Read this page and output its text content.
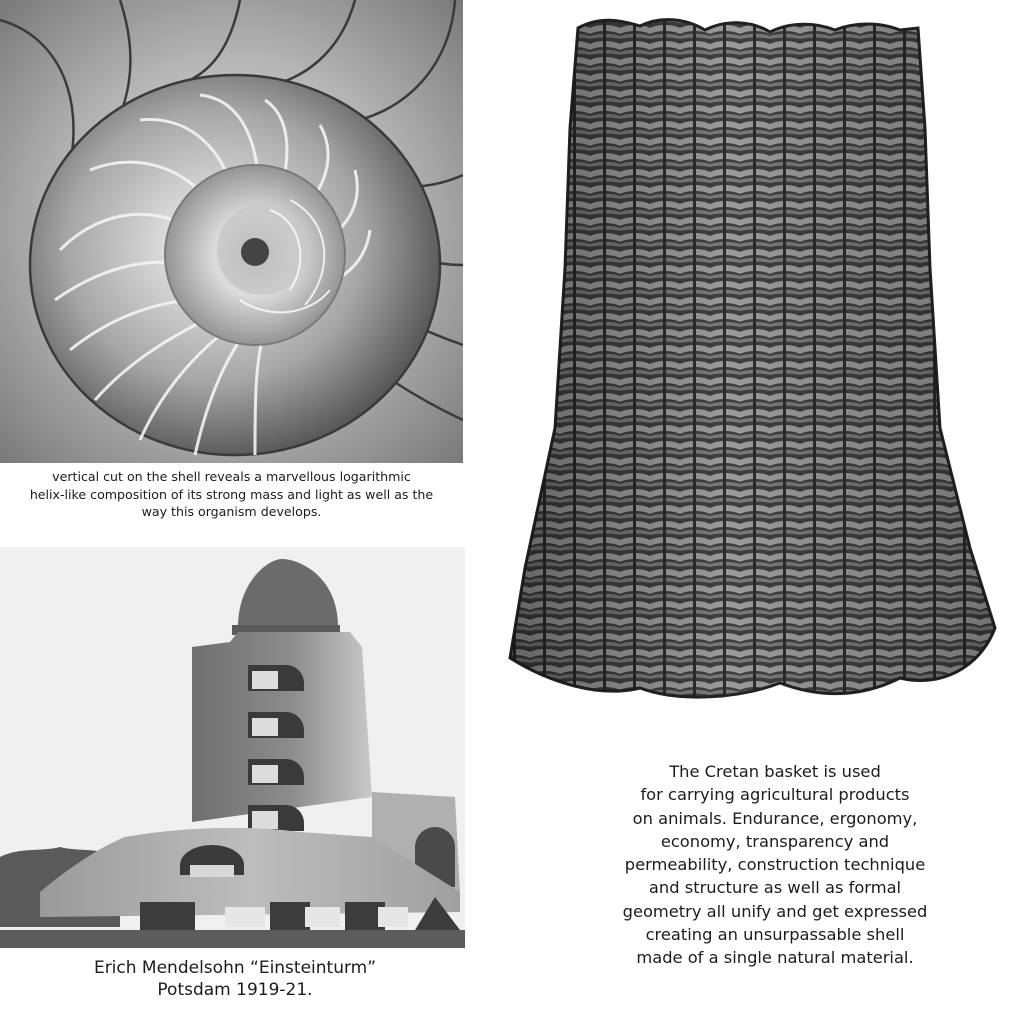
vertical cut on the shell reveals a marvellous logarithmic
helix-like composition of its strong mass and light as well as the
way this organism develops.
Erich Mendelsohn “Einsteinturm”
Potsdam 1919-21.
The Cretan basket is used
for carrying agricultural products
on animals. Endurance, ergonomy,
economy, transparency and
permeability, construction technique
and structure as well as formal
geometry all unify and get expressed
creating an unsurpassable shell
made of a single natural material.
